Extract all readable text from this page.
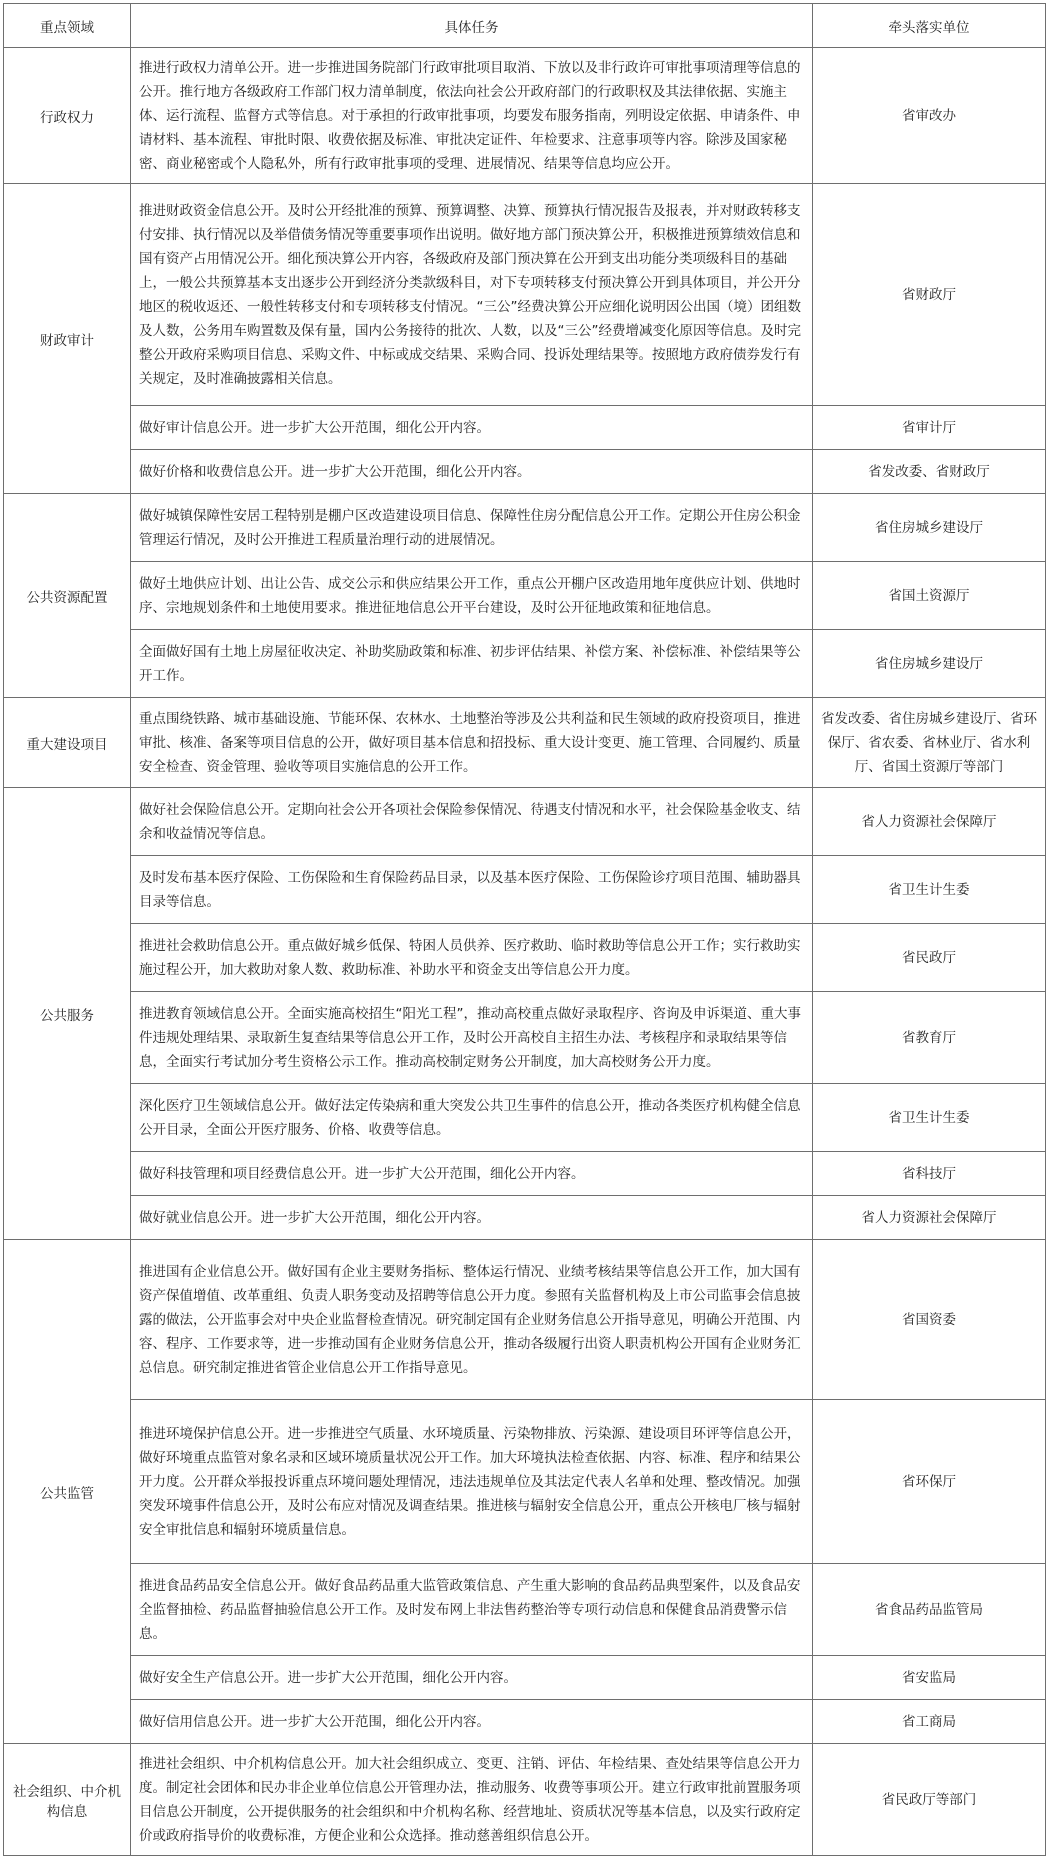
重点领域	具体任务	牵头落实单位
行政权力	推进行政权力清单公开。进一步推进国务院部门行政审批项目取消、下放以及非行政许可审批事项清理等信息的公开。推行地方各级政府工作部门权力清单制度，依法向社会公开政府部门的行政职权及其法律依据、实施主体、运行流程、监督方式等信息。对于承担的行政审批事项，均要发布服务指南，列明设定依据、申请条件、申请材料、基本流程、审批时限、收费依据及标准、审批决定证件、年检要求、注意事项等内容。除涉及国家秘密、商业秘密或个人隐私外，所有行政审批事项的受理、进展情况、结果等信息均应公开。	省审改办
财政审计	推进财政资金信息公开。及时公开经批准的预算、预算调整、决算、预算执行情况报告及报表，并对财政转移支付安排、执行情况以及举借债务情况等重要事项作出说明。做好地方部门预决算公开，积极推进预算绩效信息和国有资产占用情况公开。细化预决算公开内容，各级政府及部门预决算在公开到支出功能分类项级科目的基础上，一般公共预算基本支出逐步公开到经济分类款级科目，对下专项转移支付预决算公开到具体项目，并公开分地区的税收返还、一般性转移支付和专项转移支付情况。“三公”经费决算公开应细化说明因公出国（境）团组数及人数，公务用车购置数及保有量，国内公务接待的批次、人数，以及“三公”经费增减变化原因等信息。及时完整公开政府采购项目信息、采购文件、中标或成交结果、采购合同、投诉处理结果等。按照地方政府债券发行有关规定，及时准确披露相关信息。	省财政厅
	做好审计信息公开。进一步扩大公开范围，细化公开内容。	省审计厅
	做好价格和收费信息公开。进一步扩大公开范围，细化公开内容。	省发改委、省财政厅
公共资源配置	做好城镇保障性安居工程特别是棚户区改造建设项目信息、保障性住房分配信息公开工作。定期公开住房公积金管理运行情况，及时公开推进工程质量治理行动的进展情况。	省住房城乡建设厅
	做好土地供应计划、出让公告、成交公示和供应结果公开工作，重点公开棚户区改造用地年度供应计划、供地时序、宗地规划条件和土地使用要求。推进征地信息公开平台建设，及时公开征地政策和征地信息。	省国土资源厅
	全面做好国有土地上房屋征收决定、补助奖励政策和标准、初步评估结果、补偿方案、补偿标准、补偿结果等公开工作。	省住房城乡建设厅
重大建设项目	重点围绕铁路、城市基础设施、节能环保、农林水、土地整治等涉及公共利益和民生领域的政府投资项目，推进审批、核准、备案等项目信息的公开，做好项目基本信息和招投标、重大设计变更、施工管理、合同履约、质量安全检查、资金管理、验收等项目实施信息的公开工作。	省发改委、省住房城乡建设厅、省环保厅、省农委、省林业厅、省水利厅、省国土资源厅等部门
公共服务	做好社会保险信息公开。定期向社会公开各项社会保险参保情况、待遇支付情况和水平，社会保险基金收支、结余和收益情况等信息。	省人力资源社会保障厅
	及时发布基本医疗保险、工伤保险和生育保险药品目录，以及基本医疗保险、工伤保险诊疗项目范围、辅助器具目录等信息。	省卫生计生委
	推进社会救助信息公开。重点做好城乡低保、特困人员供养、医疗救助、临时救助等信息公开工作；实行救助实施过程公开，加大救助对象人数、救助标准、补助水平和资金支出等信息公开力度。	省民政厅
	推进教育领域信息公开。全面实施高校招生“阳光工程”，推动高校重点做好录取程序、咨询及申诉渠道、重大事件违规处理结果、录取新生复查结果等信息公开工作，及时公开高校自主招生办法、考核程序和录取结果等信息，全面实行考试加分考生资格公示工作。推动高校制定财务公开制度，加大高校财务公开力度。	省教育厅
	深化医疗卫生领域信息公开。做好法定传染病和重大突发公共卫生事件的信息公开，推动各类医疗机构健全信息公开目录，全面公开医疗服务、价格、收费等信息。	省卫生计生委
	做好科技管理和项目经费信息公开。进一步扩大公开范围，细化公开内容。	省科技厅
	做好就业信息公开。进一步扩大公开范围，细化公开内容。	省人力资源社会保障厅
公共监管	推进国有企业信息公开。做好国有企业主要财务指标、整体运行情况、业绩考核结果等信息公开工作，加大国有资产保值增值、改革重组、负责人职务变动及招聘等信息公开力度。参照有关监督机构及上市公司监事会信息披露的做法，公开监事会对中央企业监督检查情况。研究制定国有企业财务信息公开指导意见，明确公开范围、内容、程序、工作要求等，进一步推动国有企业财务信息公开，推动各级履行出资人职责机构公开国有企业财务汇总信息。研究制定推进省管企业信息公开工作指导意见。	省国资委
	推进环境保护信息公开。进一步推进空气质量、水环境质量、污染物排放、污染源、建设项目环评等信息公开，做好环境重点监管对象名录和区域环境质量状况公开工作。加大环境执法检查依据、内容、标准、程序和结果公开力度。公开群众举报投诉重点环境问题处理情况，违法违规单位及其法定代表人名单和处理、整改情况。加强突发环境事件信息公开，及时公布应对情况及调查结果。推进核与辐射安全信息公开，重点公开核电厂核与辐射安全审批信息和辐射环境质量信息。	省环保厅
	推进食品药品安全信息公开。做好食品药品重大监管政策信息、产生重大影响的食品药品典型案件，以及食品安全监督抽检、药品监督抽验信息公开工作。及时发布网上非法售药整治等专项行动信息和保健食品消费警示信息。	省食品药品监管局
	做好安全生产信息公开。进一步扩大公开范围，细化公开内容。	省安监局
	做好信用信息公开。进一步扩大公开范围，细化公开内容。	省工商局
社会组织、中介机构信息	推进社会组织、中介机构信息公开。加大社会组织成立、变更、注销、评估、年检结果、查处结果等信息公开力度。制定社会团体和民办非企业单位信息公开管理办法，推动服务、收费等事项公开。建立行政审批前置服务项目信息公开制度，公开提供服务的社会组织和中介机构名称、经营地址、资质状况等基本信息，以及实行政府定价或政府指导价的收费标准，方便企业和公众选择。推动慈善组织信息公开。	省民政厅等部门
